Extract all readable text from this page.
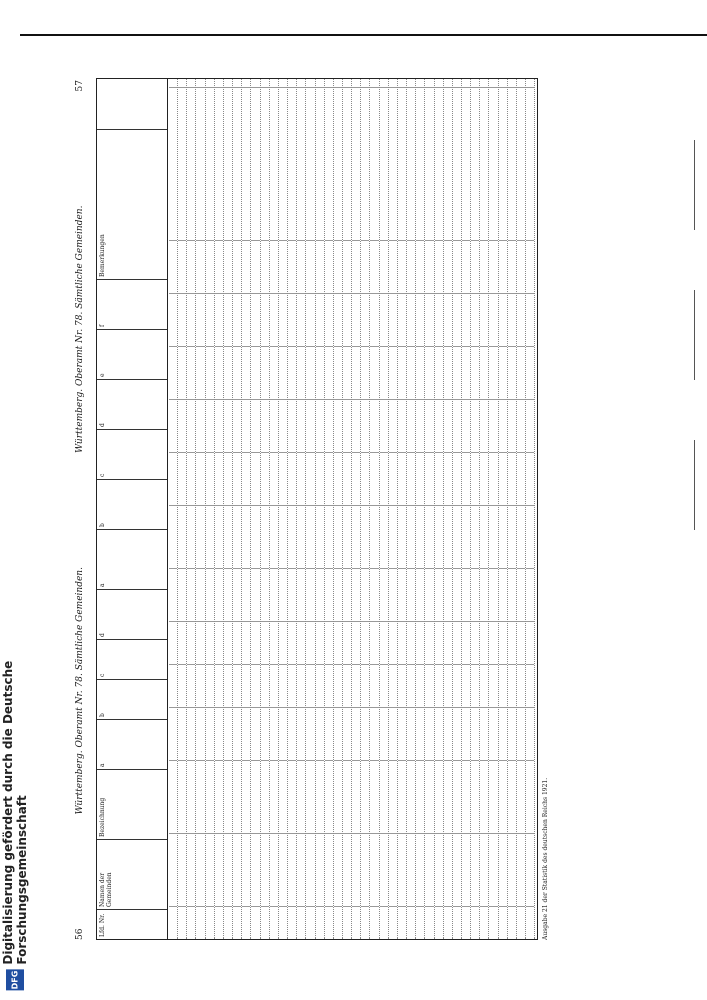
56
Württemberg. Oberamt Nr. 78. Sämtliche Gemeinden.
Württemberg. Oberamt Nr. 78. Sämtliche Gemeinden.
57
Lfd. Nr.
Namen der Gemeinden
Bezeichnung
a
b
c
d
a
b
c
d
e
f
Bemerkungen
Ausgabe 21 der Statistik des deutschen Reichs 1921.
Digitalisierung gefördert durch die Deutsche Forschungsgemeinschaft
DFG
